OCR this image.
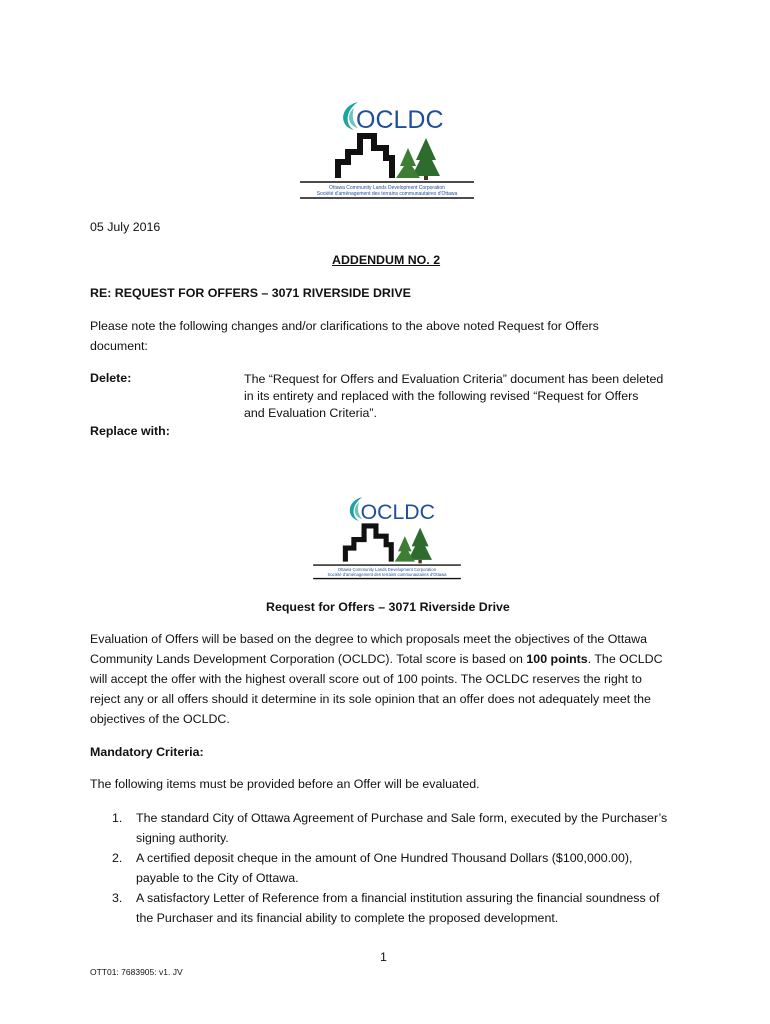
OCLDC
Ottawa Community Lands Development Corporation
Société d'aménagement des terrains communautaires d'Ottawa

05 July 2016

ADDENDUM NO. 2

RE: REQUEST FOR OFFERS – 3071 RIVERSIDE DRIVE

Please note the following changes and/or clarifications to the above noted Request for Offers
document:

Delete:	The “Request for Offers and Evaluation Criteria” document has been deleted
in its entirety and replaced with the following revised “Request for Offers
and Evaluation Criteria”.

Replace with:

OCLDC
Ottawa Community Lands Development Corporation
Société d'aménagement des terrains communautaires d'Ottawa

Request for Offers – 3071 Riverside Drive

Evaluation of Offers will be based on the degree to which proposals meet the objectives of the Ottawa
Community Lands Development Corporation (OCLDC). Total score is based on 100 points. The OCLDC
will accept the offer with the highest overall score out of 100 points. The OCLDC reserves the right to
reject any or all offers should it determine in its sole opinion that an offer does not adequately meet the
objectives of the OCLDC.

Mandatory Criteria:

The following items must be provided before an Offer will be evaluated.

1. The standard City of Ottawa Agreement of Purchase and Sale form, executed by the Purchaser’s
signing authority.
2. A certified deposit cheque in the amount of One Hundred Thousand Dollars ($100,000.00),
payable to the City of Ottawa.
3. A satisfactory Letter of Reference from a financial institution assuring the financial soundness of
the Purchaser and its financial ability to complete the proposed development.

1

OTT01: 7683905: v1. JV
